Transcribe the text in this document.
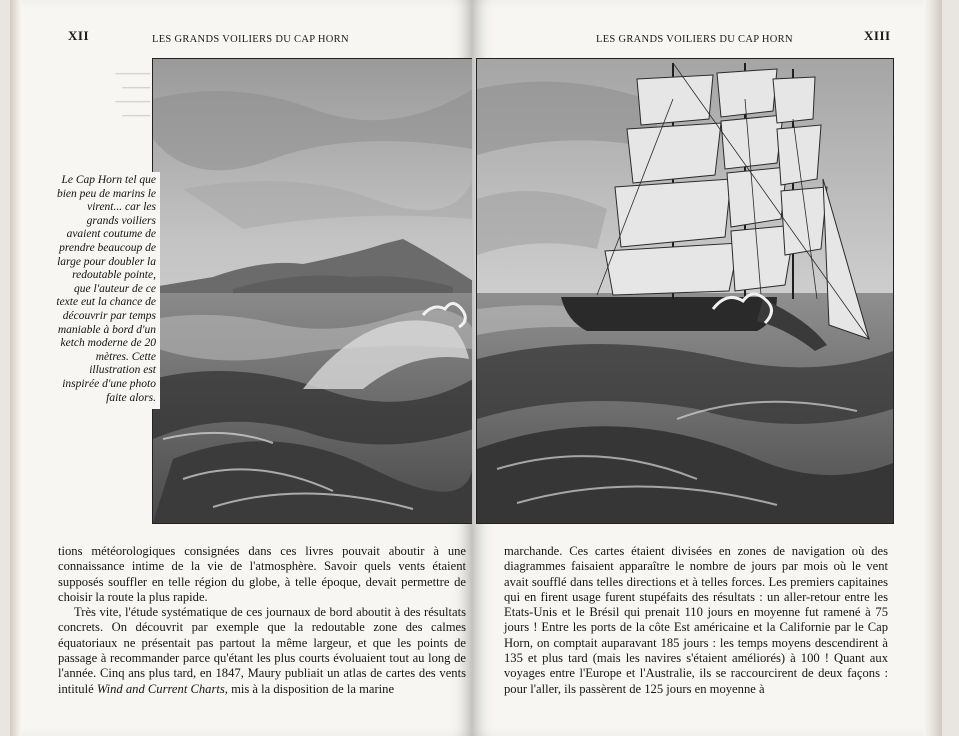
▁▁▁▁▁
▁▁▁▁
▁▁▁▁▁
▁▁▁▁
XII	LES GRANDS VOILIERS DU CAP HORN
Le Cap Horn tel que bien peu de marins le virent... car les grands voiliers avaient coutume de prendre beaucoup de large pour doubler la redoutable pointe, que l'auteur de ce texte eut la chance de découvrir par temps maniable à bord d'un ketch moderne de 20 mètres. Cette illustration est inspirée d'une photo faite alors.

tions météorologiques consignées dans ces livres pouvait aboutir à une connaissance intime de la vie de l'atmosphère. Savoir quels vents étaient supposés souffler en telle région du globe, à telle époque, devait permettre de choisir la route la plus rapide.

Très vite, l'étude systématique de ces journaux de bord aboutit à des résultats concrets. On découvrit par exemple que la redoutable zone des calmes équatoriaux ne présentait pas partout la même largeur, et que les points de passage à recommander parce qu'étant les plus courts évoluaient tout au long de l'année. Cinq ans plus tard, en 1847, Maury publiait un atlas de cartes des vents intitulé Wind and Current Charts, mis à la disposition de la marine

LES GRANDS VOILIERS DU CAP HORN	XIII
marchande. Ces cartes étaient divisées en zones de navigation où des diagrammes faisaient apparaître le nombre de jours par mois où le vent avait soufflé dans telles directions et à telles forces. Les premiers capitaines qui en firent usage furent stupéfaits des résultats : un aller-retour entre les Etats-Unis et le Brésil qui prenait 110 jours en moyenne fut ramené à 75 jours ! Entre les ports de la côte Est américaine et la Californie par le Cap Horn, on comptait auparavant 185 jours : les temps moyens descendirent à 135 et plus tard (mais les navires s'étaient améliorés) à 100 ! Quant aux voyages entre l'Europe et l'Australie, ils se raccourcirent de deux façons : pour l'aller, ils passèrent de 125 jours en moyenne à
